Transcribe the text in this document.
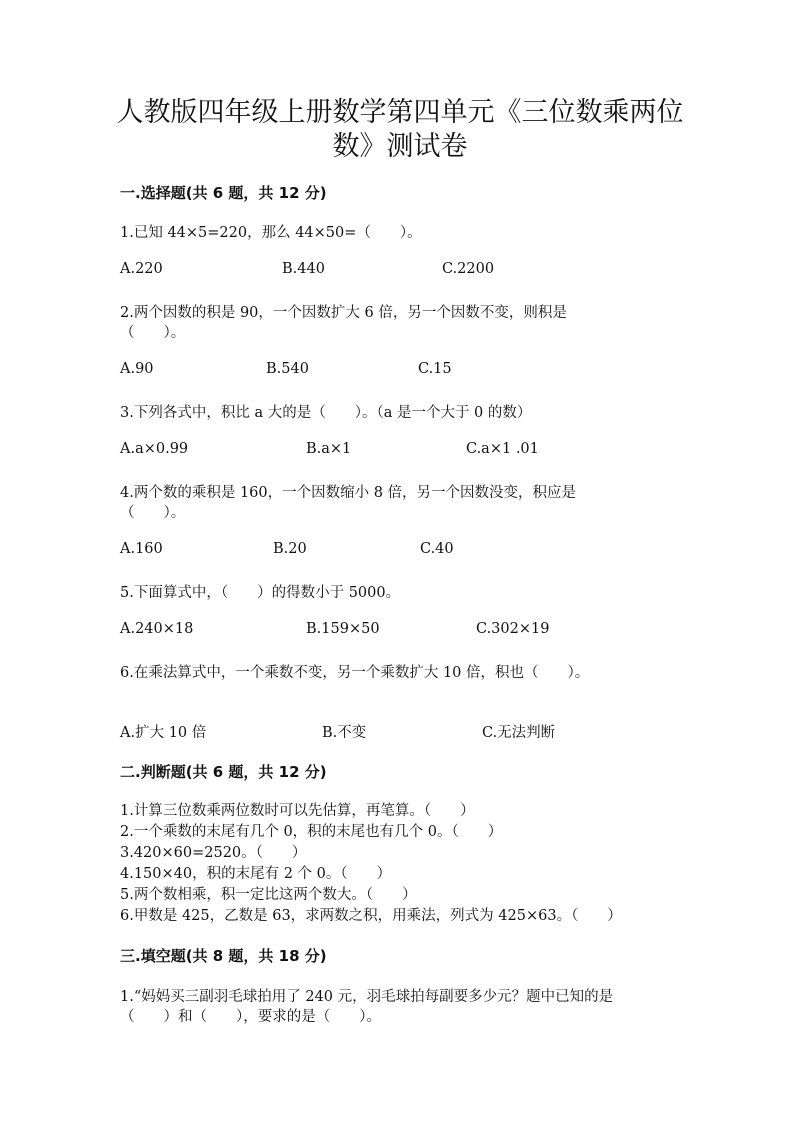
人教版四年级上册数学第四单元《三位数乘两位
数》测试卷

一.选择题(共 6 题，共 12 分)

1.已知 44×5=220，那么 44×50=（　　）。

A.220	B.440	C.2200

2.两个因数的积是 90，一个因数扩大 6 倍，另一个因数不变，则积是

（　　）。

A.90	B.540	C.15

3.下列各式中，积比 a 大的是（　　）。（a 是一个大于 0 的数）

A.a×0.99	B.a×1	C.a×1 .01

4.两个数的乘积是 160，一个因数缩小 8 倍，另一个因数没变，积应是

（　　）。

A.160	B.20	C.40

5.下面算式中，（　　）的得数小于 5000。

A.240×18	B.159×50	C.302×19

6.在乘法算式中，一个乘数不变，另一个乘数扩大 10 倍，积也（　　）。

A.扩大 10 倍	B.不变	C.无法判断

二.判断题(共 6 题，共 12 分)

1.计算三位数乘两位数时可以先估算，再笔算。（　　）

2.一个乘数的末尾有几个 0，积的末尾也有几个 0。（　　）

3.420×60=2520。（　　）

4.150×40，积的末尾有 2 个 0。（　　）

5.两个数相乘，积一定比这两个数大。（　　）

6.甲数是 425，乙数是 63，求两数之积，用乘法，列式为 425×63。（　　）

三.填空题(共 8 题，共 18 分)

1.“妈妈买三副羽毛球拍用了 240 元，羽毛球拍每副要多少元？题中已知的是

（　　）和（　　），要求的是（　　）。
